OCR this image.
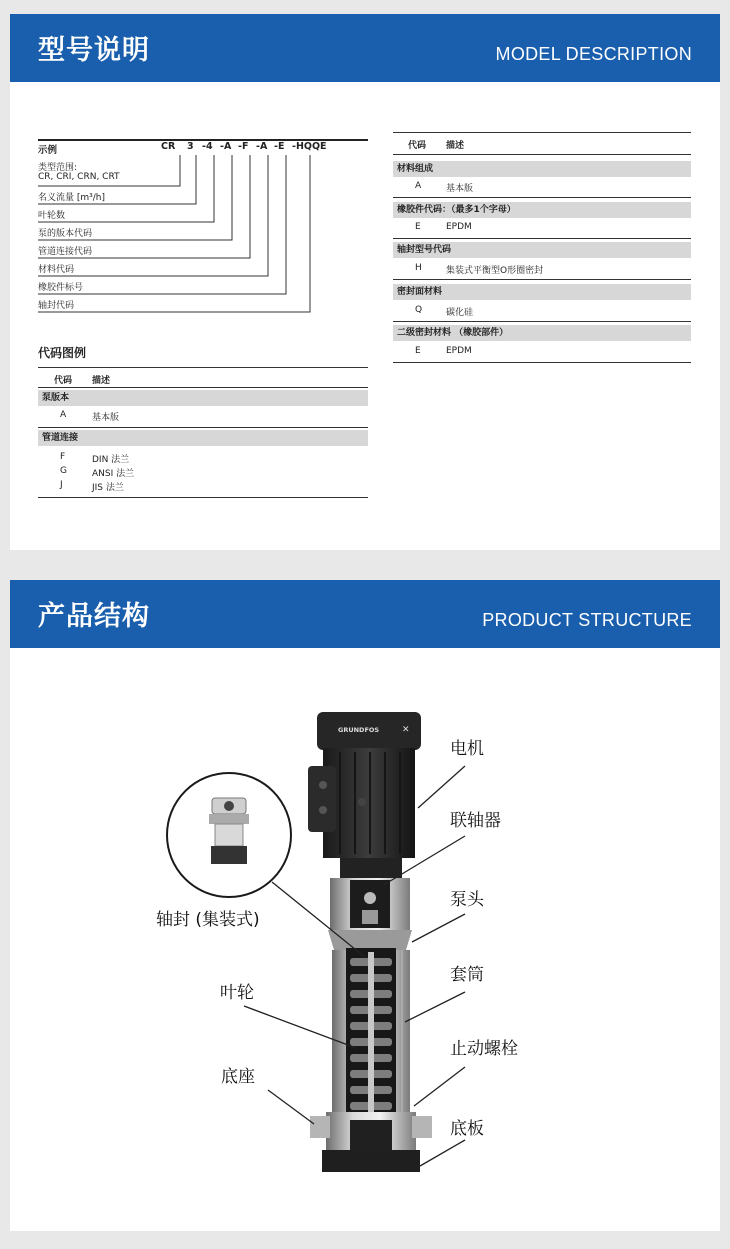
型号说明	MODEL DESCRIPTION
示例	CR 3 -4 -A -F -A -E -HQQE
类型范围:
CR, CRI, CRN, CRT
名义流量 [m³/h]
叶轮数
泵的版本代码
管道连接代码
材料代码
橡胶件标号
轴封代码
代码图例
代码 描述
泵版本
A	基本版
管道连接
F	DIN 法兰
G	ANSI 法兰
J	JIS 法兰
代码 描述
材料组成
A	基本版
橡胶件代码：（最多1个字母）
E	EPDM
轴封型号代码
H	集装式平衡型O形圈密封
密封面材料
Q	碳化硅
二级密封材料 （橡胶部件）
E	EPDM
产品结构	PRODUCT STRUCTURE
GRUNDFOS	✕
电机
联轴器
泵头
轴封 (集装式)
套筒
叶轮
止动螺栓
底座
底板
